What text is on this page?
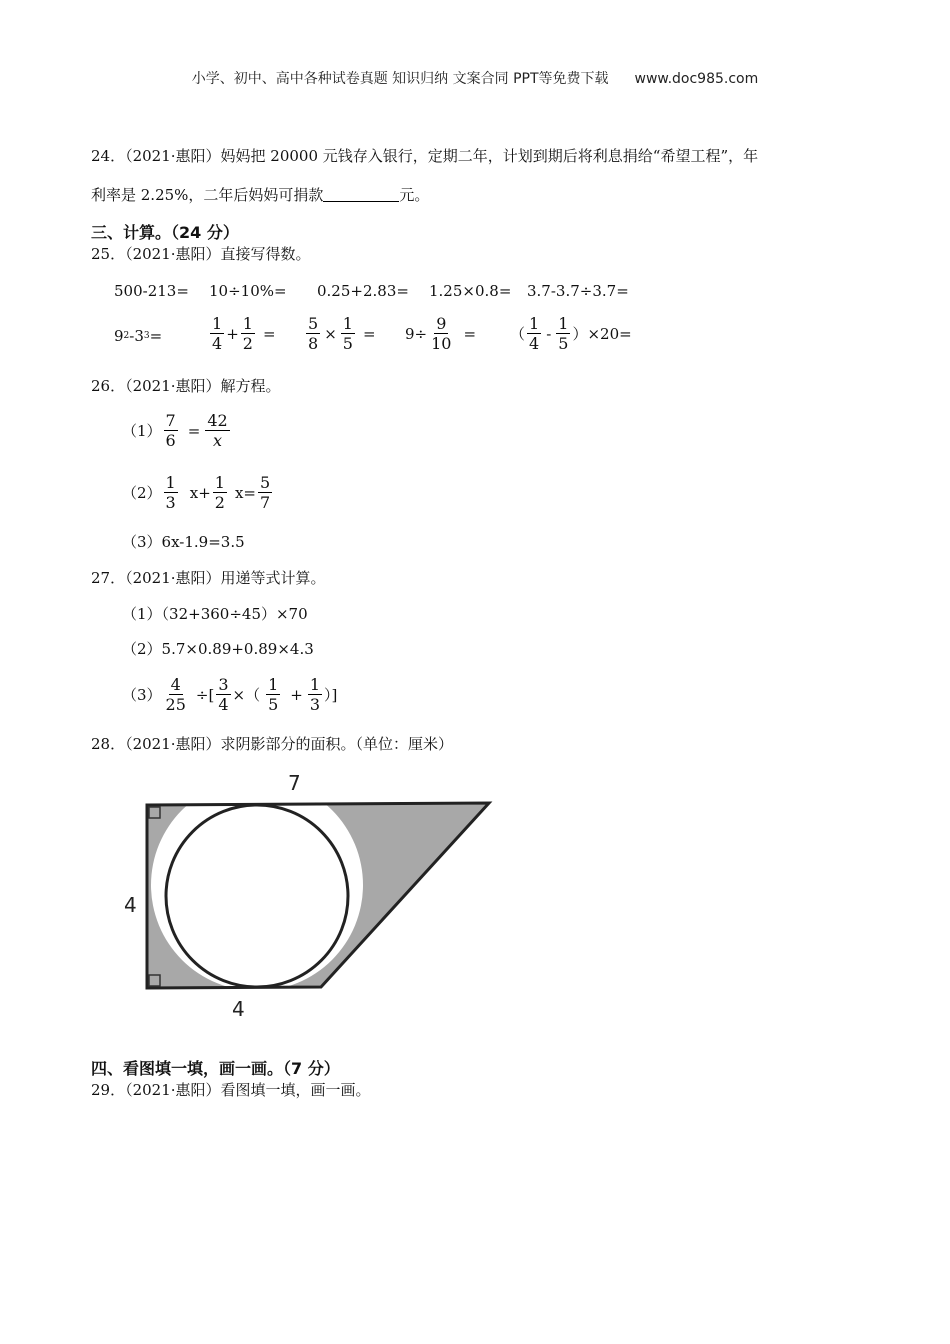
小学、初中、高中各种试卷真题 知识归纳 文案合同 PPT等免费下载 www.doc985.com
24．（2021·惠阳）妈妈把 20000 元钱存入银行，定期二年，计划到期后将利息捐给“希望工程”，年
利率是 2.25%，二年后妈妈可捐款	元。
三、计算。（24 分）
25．（2021·惠阳）直接写得数。
500-213= 10÷10%= 0.25+2.83= 1.25×0.8= 3.7-3.7÷3.7=
9 2 -3 3 =	$\frac{1}{4} + \frac{1}{2} = \frac{5}{8} \times \frac{1}{5} = 9\div \frac{9}{10}$ = （ $\frac{1}{4} - \frac{1}{5} )\times 20=$
26．（2021·惠阳）解方程。
$(1) \frac{7}{6} = \frac{42}{x}$
$(2) \frac{1}{3} x+ \frac{1}{2} x= \frac{5}{7}$
（3）6x-1.9=3.5
27．（2021·惠阳）用递等式计算。
（1）（32+360÷45）×70
（2）5.7×0.89+0.89×4.3
$(3) \frac{4}{25}$ ÷[ $\frac{3}{4}$ ×（ $\frac{1}{5} + \frac{1}{3}$ ）]
28．（2021·惠阳）求阴影部分的面积。（单位：厘米）
7
4
4
四、看图填一填，画一画。（7 分）
29．（2021·惠阳）看图填一填，画一画。
